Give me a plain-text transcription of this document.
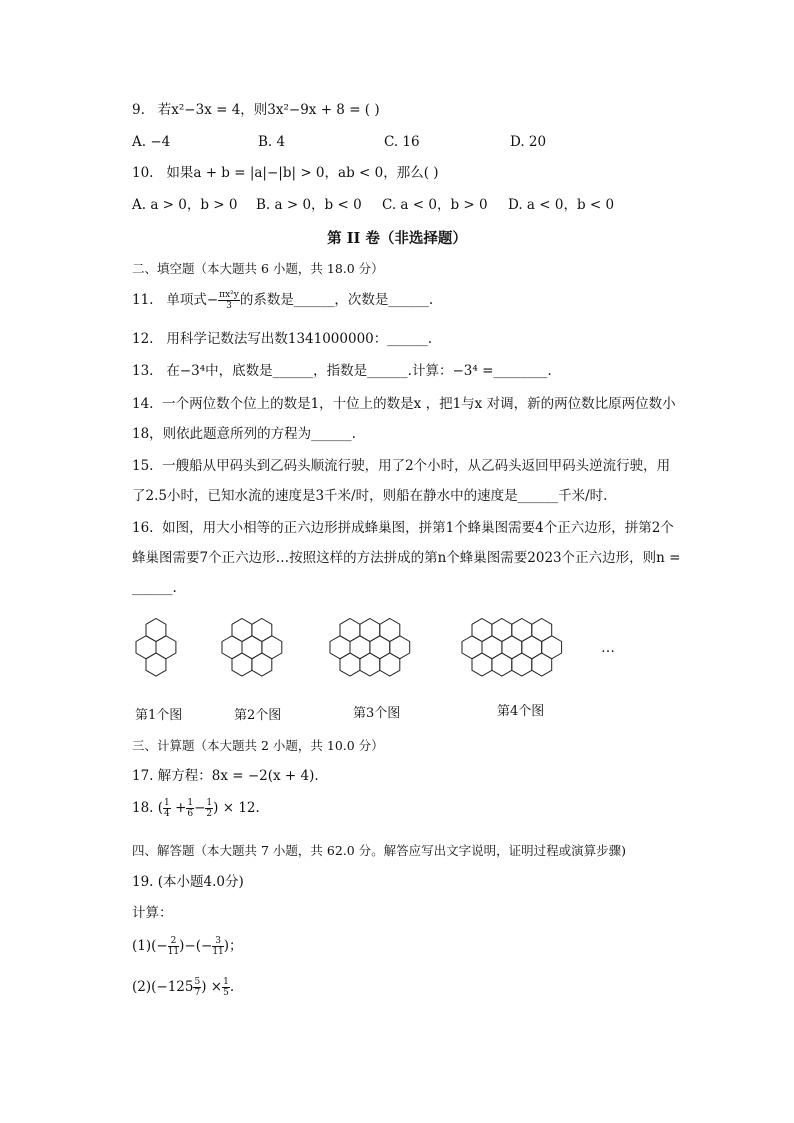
9. 若x²−3x = 4，则3x²−9x + 8 = ( )
A. −4	B. 4	C. 16	D. 20
10. 如果a + b = |a|−|b| > 0，ab < 0，那么( )
A. a > 0，b > 0 B. a > 0，b < 0 C. a < 0，b > 0 D. a < 0，b < 0
第 II 卷（非选择题）
二、填空题（本大题共 6 小题，共 18.0 分）
11. 单项式− $\frac{\text{πx²y}}{3}$ 的系数是______，次数是______.
12. 用科学记数法写出数1341000000：______.
13. 在−3⁴中，底数是______，指数是______.计算：−3⁴ =________.
14. 一个两位数个位上的数是1，十位上的数是x ，把1与x 对调，新的两位数比原两位数小
18，则依此题意所列的方程为______.
15. 一艘船从甲码头到乙码头顺流行驶，用了2个小时，从乙码头返回甲码头逆流行驶，用
了2.5小时，已知水流的速度是3千米/时，则船在静水中的速度是______千米/时.
16. 如图，用大小相等的正六边形拼成蜂巢图，拼第1个蜂巢图需要4个正六边形，拼第2个
蜂巢图需要7个正六边形…按照这样的方法拼成的第n个蜂巢图需要2023个正六边形，则n =
______.
…
第1个图	第2个图	第3个图	第4个图
三、计算题（本大题共 2 小题，共 10.0 分）
17. 解方程：8x = −2(x + 4).
18. ( $\frac{1}{4} + \frac{1}{6} - \frac{1}{2}$ ) × 12.
四、解答题（本大题共 7 小题，共 62.0 分。解答应写出文字说明，证明过程或演算步骤)
19. (本小题4.0分)
计算：
$(1)(- \frac{2}{11}$ )−(− $\frac{3}{11}$ )；
$(2)(-125 \frac{5}{7}$ ) × $\frac{1}{5}$ .
